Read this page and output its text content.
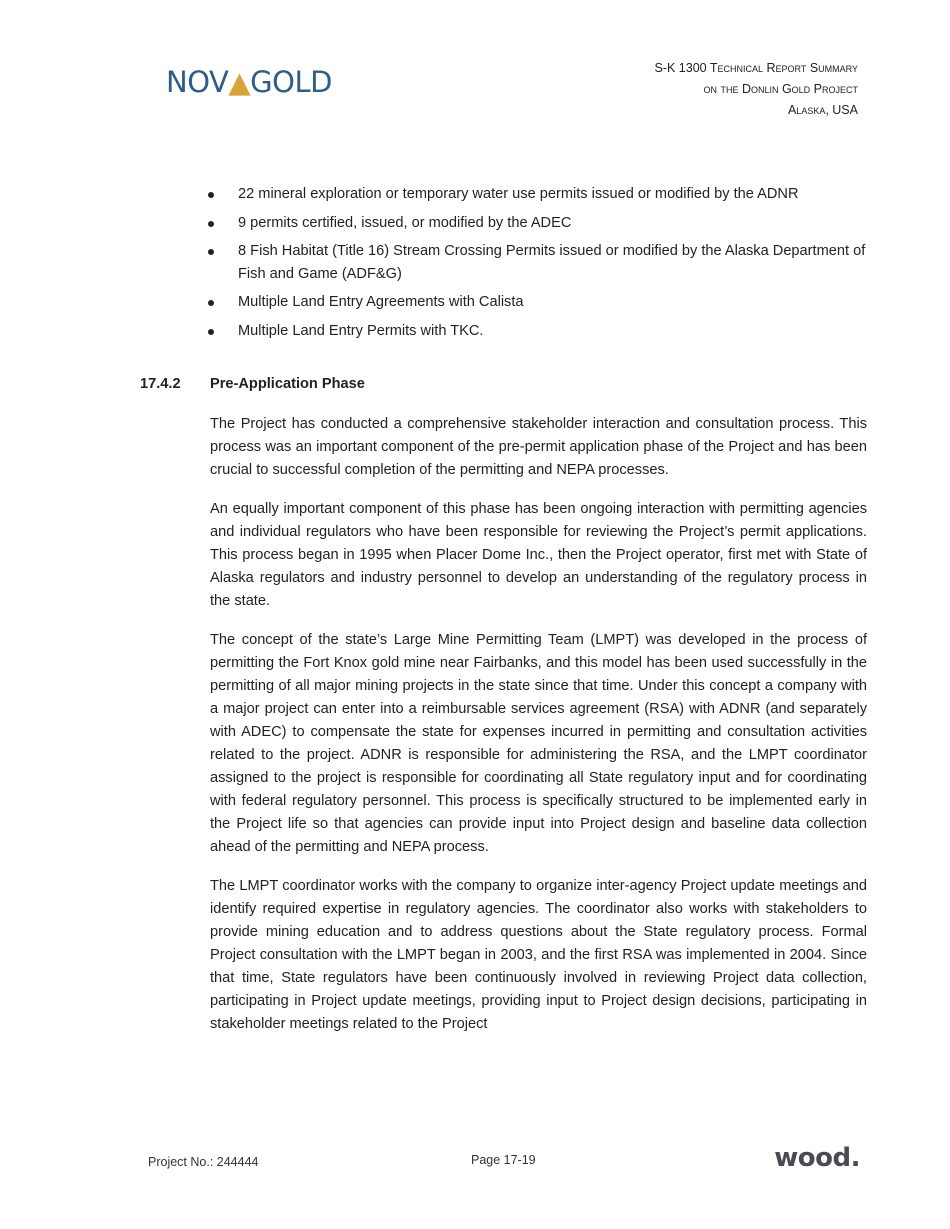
NOV▲GOLD	S-K 1300 Technical Report Summary
on the Donlin Gold Project
Alaska, USA
22 mineral exploration or temporary water use permits issued or modified by the ADNR
9 permits certified, issued, or modified by the ADEC
8 Fish Habitat (Title 16) Stream Crossing Permits issued or modified by the Alaska Department of Fish and Game (ADF&G)
Multiple Land Entry Agreements with Calista
Multiple Land Entry Permits with TKC.
17.4.2 Pre-Application Phase

The Project has conducted a comprehensive stakeholder interaction and consultation process. This process was an important component of the pre-permit application phase of the Project and has been crucial to successful completion of the permitting and NEPA processes.

An equally important component of this phase has been ongoing interaction with permitting agencies and individual regulators who have been responsible for reviewing the Project’s permit applications. This process began in 1995 when Placer Dome Inc., then the Project operator, first met with State of Alaska regulators and industry personnel to develop an understanding of the regulatory process in the state.

The concept of the state’s Large Mine Permitting Team (LMPT) was developed in the process of permitting the Fort Knox gold mine near Fairbanks, and this model has been used successfully in the permitting of all major mining projects in the state since that time. Under this concept a company with a major project can enter into a reimbursable services agreement (RSA) with ADNR (and separately with ADEC) to compensate the state for expenses incurred in permitting and consultation activities related to the project. ADNR is responsible for administering the RSA, and the LMPT coordinator assigned to the project is responsible for coordinating all State regulatory input and for coordinating with federal regulatory personnel. This process is specifically structured to be implemented early in the Project life so that agencies can provide input into Project design and baseline data collection ahead of the permitting and NEPA process.

The LMPT coordinator works with the company to organize inter-agency Project update meetings and identify required expertise in regulatory agencies. The coordinator also works with stakeholders to provide mining education and to address questions about the State regulatory process. Formal Project consultation with the LMPT began in 2003, and the first RSA was implemented in 2004. Since that time, State regulators have been continuously involved in reviewing Project data collection, participating in Project update meetings, providing input to Project design decisions, participating in stakeholder meetings related to the Project

Project No.: 244444	Page 17-19	wood.
